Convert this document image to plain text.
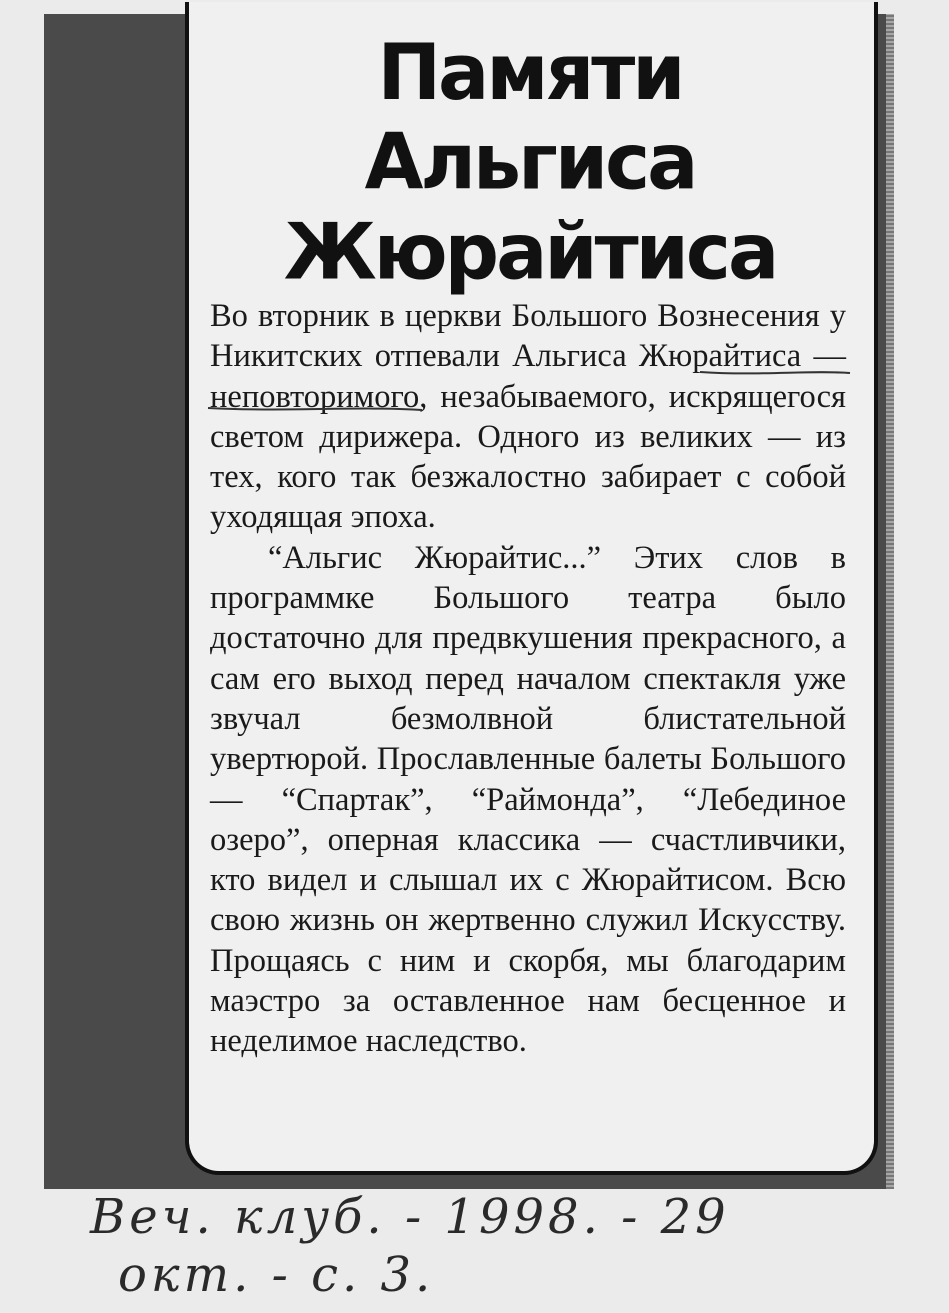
Памяти
Альгиса
Жюрайтиса

Во вторник в церкви Большого Вознесения у Никитских отпевали Альгиса Жюрайтиса — неповторимого, незабываемого, искрящегося светом дирижера. Одного из великих — из тех, кого так безжалостно забирает с собой уходящая эпоха.

“Альгис Жюрайтис...” Этих слов в программке Большого театра было достаточно для предвкушения прекрасного, а сам его выход перед началом спектакля уже звучал безмолвной блистательной увертюрой. Прославленные балеты Большого — “Спартак”, “Раймонда”, “Лебединое озеро”, оперная классика — счастливчики, кто видел и слышал их с Жюрайтисом. Всю свою жизнь он жертвенно служил Искусству. Прощаясь с ним и скорбя, мы благодарим маэстро за оставленное нам бесценное и неделимое наследство.

Веч. клуб. - 1998. - 29
окт. - с. 3.
